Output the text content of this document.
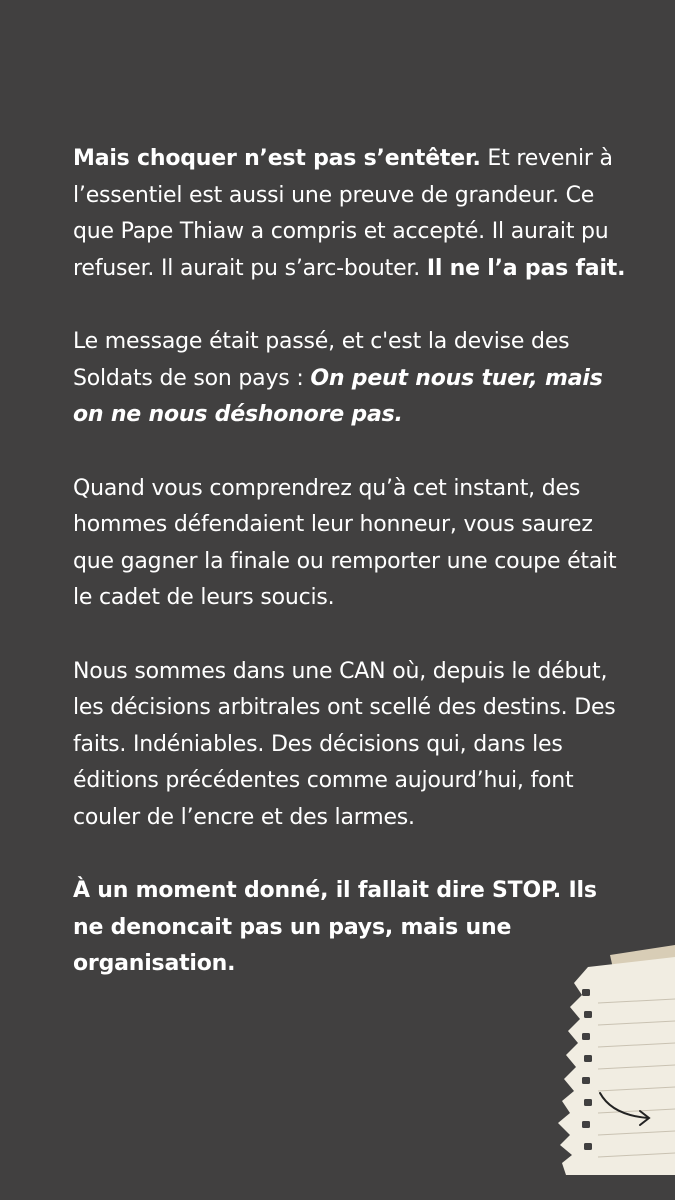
Mais choquer n’est pas s’entêter. Et revenir à l’essentiel est aussi une preuve de grandeur. Ce que Pape Thiaw a compris et accepté. Il aurait pu refuser. Il aurait pu s’arc-bouter. Il ne l’a pas fait.

Le message était passé, et c'est la devise des Soldats de son pays : On peut nous tuer, mais on ne nous déshonore pas.

Quand vous comprendrez qu’à cet instant, des hommes défendaient leur honneur, vous saurez que gagner la finale ou remporter une coupe était le cadet de leurs soucis.

Nous sommes dans une CAN où, depuis le début, les décisions arbitrales ont scellé des destins. Des faits. Indéniables. Des décisions qui, dans les éditions précédentes comme aujourd’hui, font couler de l’encre et des larmes.

À un moment donné, il fallait dire STOP. Ils ne denoncait pas un pays, mais une organisation.
